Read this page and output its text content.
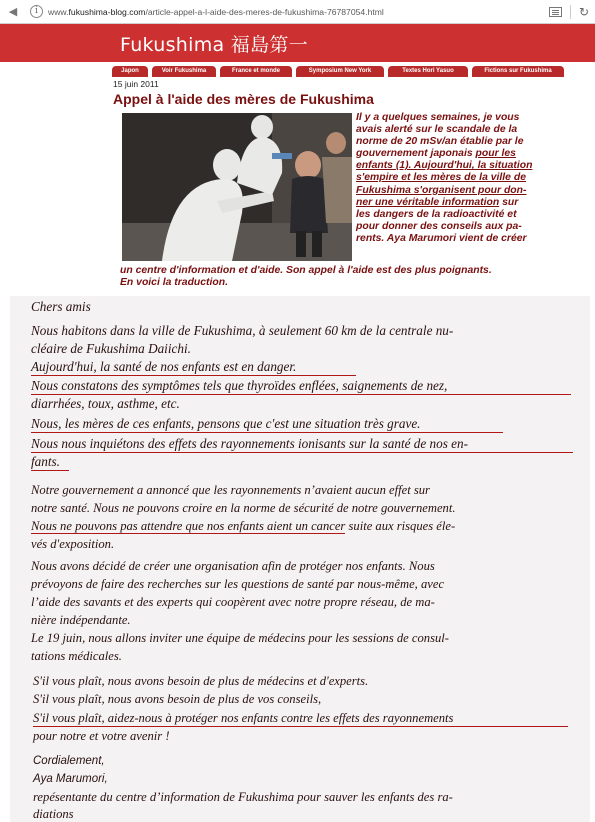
◀	i	www.fukushima-blog.com/article-appel-a-l-aide-des-meres-de-fukushima-76787054.html	↻
Fukushima 福島第一
Japon	Voir Fukushima	France et monde	Symposium New York	Textes Hori Yasuo	Fictions sur Fukushima
15 juin 2011
Appel à l'aide des mères de Fukushima
Il y a quelques semaines, je vous
avais alerté sur le scandale de la
norme de 20 mSv/an établie par le
gouvernement japonais pour les
enfants (1). Aujourd'hui, la situation
s'empire et les mères de la ville de
Fukushima s'organisent pour don-
ner une véritable information sur
les dangers de la radioactivité et
pour donner des conseils aux pa-
rents. Aya Marumori vient de créer
un centre d'information et d'aide. Son appel à l'aide est des plus poignants.
En voici la traduction.
Chers amis
Nous habitons dans la ville de Fukushima, à seulement 60 km de la centrale nu-
cléaire de Fukushima Daiichi.
Aujourd'hui, la santé de nos enfants est en danger.
Nous constatons des symptômes tels que thyroïdes enflées, saignements de nez,
diarrhées, toux, asthme, etc.
Nous, les mères de ces enfants, pensons que c'est une situation très grave.
Nous nous inquiétons des effets des rayonnements ionisants sur la santé de nos en-
fants.
Notre gouvernement a annoncé que les rayonnements n’avaient aucun effet sur
notre santé. Nous ne pouvons croire en la norme de sécurité de notre gouvernement.
Nous ne pouvons pas attendre que nos enfants aient un cancer suite aux risques éle-
vés d'exposition.
Nous avons décidé de créer une organisation afin de protéger nos enfants. Nous
prévoyons de faire des recherches sur les questions de santé par nous-même, avec
l’aide des savants et des experts qui coopèrent avec notre propre réseau, de ma-
nière indépendante.
Le 19 juin, nous allons inviter une équipe de médecins pour les sessions de consul-
tations médicales.
S'il vous plaît, nous avons besoin de plus de médecins et d'experts.
S'il vous plaît, nous avons besoin de plus de vos conseils,
S'il vous plaît, aidez-nous à protéger nos enfants contre les effets des rayonnements
pour notre et votre avenir !
Cordialement,
Aya Marumori,
repésentante du centre d’information de Fukushima pour sauver les enfants des ra-
diations
